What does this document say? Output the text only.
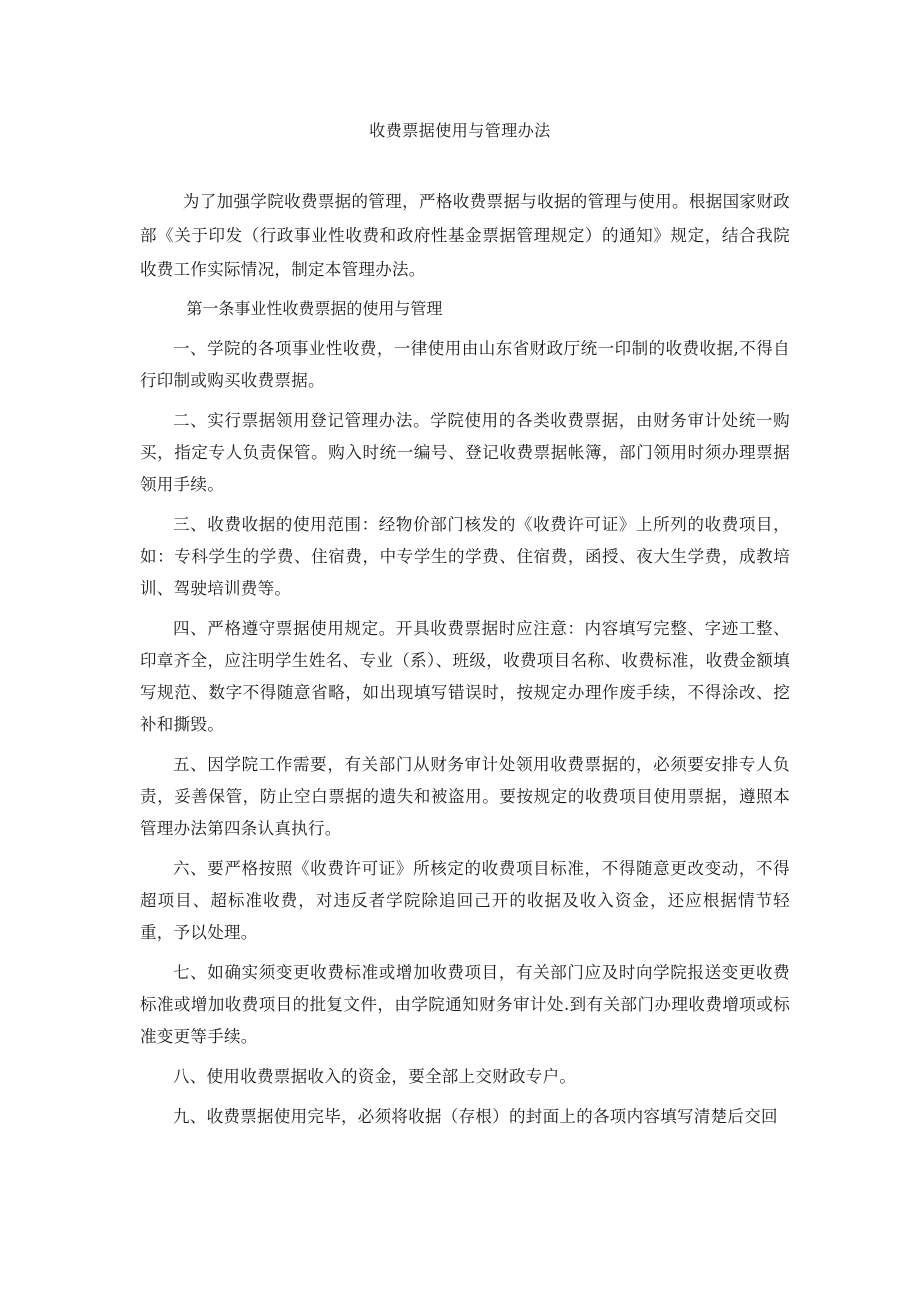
收费票据使用与管理办法

为了加强学院收费票据的管理，严格收费票据与收据的管理与使用。根据国家财政部《关于印发（行政事业性收费和政府性基金票据管理规定）的通知》规定，结合我院收费工作实际情况，制定本管理办法。

第一条事业性收费票据的使用与管理

一、学院的各项事业性收费，一律使用由山东省财政厅统一印制的收费收据,不得自行印制或购买收费票据。

二、实行票据领用登记管理办法。学院使用的各类收费票据，由财务审计处统一购买，指定专人负责保管。购入时统一编号、登记收费票据帐簿，部门领用时须办理票据领用手续。

三、收费收据的使用范围：经物价部门核发的《收费许可证》上所列的收费项目，如：专科学生的学费、住宿费，中专学生的学费、住宿费，函授、夜大生学费，成教培训、驾驶培训费等。

四、严格遵守票据使用规定。开具收费票据时应注意：内容填写完整、字迹工整、印章齐全，应注明学生姓名、专业（系）、班级，收费项目名称、收费标准，收费金额填写规范、数字不得随意省略，如出现填写错误时，按规定办理作废手续，不得涂改、挖补和撕毁。

五、因学院工作需要，有关部门从财务审计处领用收费票据的，必须要安排专人负责，妥善保管，防止空白票据的遗失和被盗用。要按规定的收费项目使用票据，遵照本管理办法第四条认真执行。

六、要严格按照《收费许可证》所核定的收费项目标准，不得随意更改变动，不得超项目、超标准收费，对违反者学院除追回己开的收据及收入资金，还应根据情节轻重，予以处理。

七、如确实须变更收费标准或增加收费项目，有关部门应及时向学院报送变更收费标准或增加收费项目的批复文件，由学院通知财务审计处.到有关部门办理收费增项或标准变更等手续。

八、使用收费票据收入的资金，要全部上交财政专户。

九、收费票据使用完毕，必须将收据（存根）的封面上的各项内容填写清楚后交回
